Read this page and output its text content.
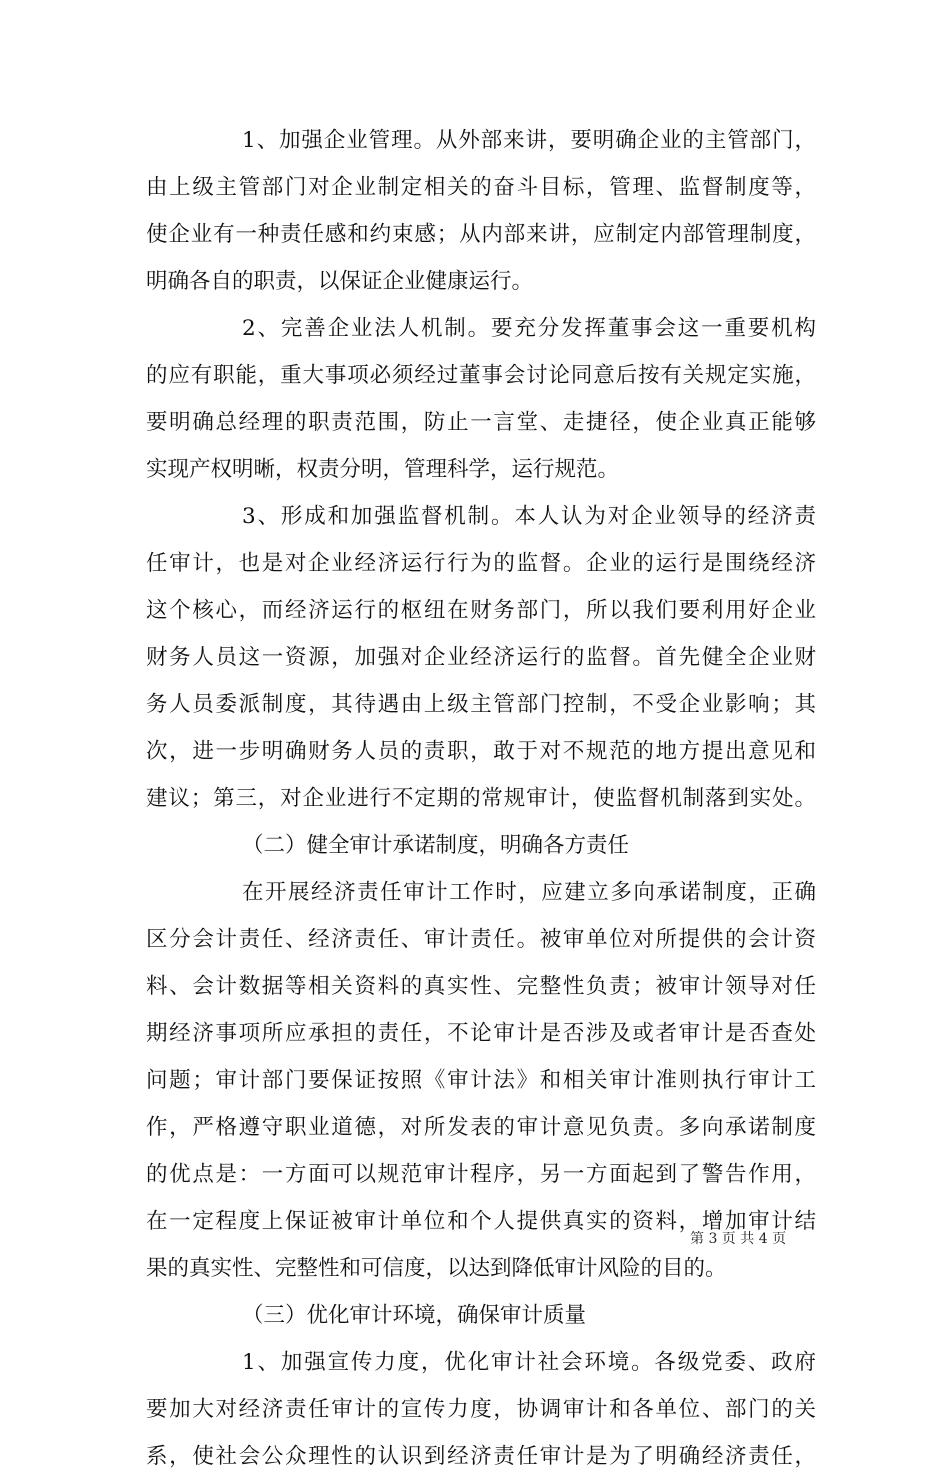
1、加强企业管理。从外部来讲，要明确企业的主管部门，
由上级主管部门对企业制定相关的奋斗目标，管理、监督制度等，
使企业有一种责任感和约束感；从内部来讲，应制定内部管理制度，
明确各自的职责，以保证企业健康运行。
2、完善企业法人机制。要充分发挥董事会这一重要机构
的应有职能，重大事项必须经过董事会讨论同意后按有关规定实施，
要明确总经理的职责范围，防止一言堂、走捷径，使企业真正能够
实现产权明晰，权责分明，管理科学，运行规范。
3、形成和加强监督机制。本人认为对企业领导的经济责
任审计，也是对企业经济运行行为的监督。企业的运行是围绕经济
这个核心，而经济运行的枢纽在财务部门，所以我们要利用好企业
财务人员这一资源，加强对企业经济运行的监督。首先健全企业财
务人员委派制度，其待遇由上级主管部门控制，不受企业影响；其
次，进一步明确财务人员的责职，敢于对不规范的地方提出意见和
建议；第三，对企业进行不定期的常规审计，使监督机制落到实处。
（二）健全审计承诺制度，明确各方责任
在开展经济责任审计工作时，应建立多向承诺制度，正确
区分会计责任、经济责任、审计责任。被审单位对所提供的会计资
料、会计数据等相关资料的真实性、完整性负责；被审计领导对任
期经济事项所应承担的责任，不论审计是否涉及或者审计是否查处
问题；审计部门要保证按照《审计法》和相关审计准则执行审计工
作，严格遵守职业道德，对所发表的审计意见负责。多向承诺制度
的优点是：一方面可以规范审计程序，另一方面起到了警告作用，
在一定程度上保证被审计单位和个人提供真实的资料，增加审计结
果的真实性、完整性和可信度，以达到降低审计风险的目的。
（三）优化审计环境，确保审计质量
1、加强宣传力度，优化审计社会环境。各级党委、政府
要加大对经济责任审计的宣传力度，协调审计和各单位、部门的关
系，使社会公众理性的认识到经济责任审计是为了明确经济责任，
第 3 页 共 4 页
